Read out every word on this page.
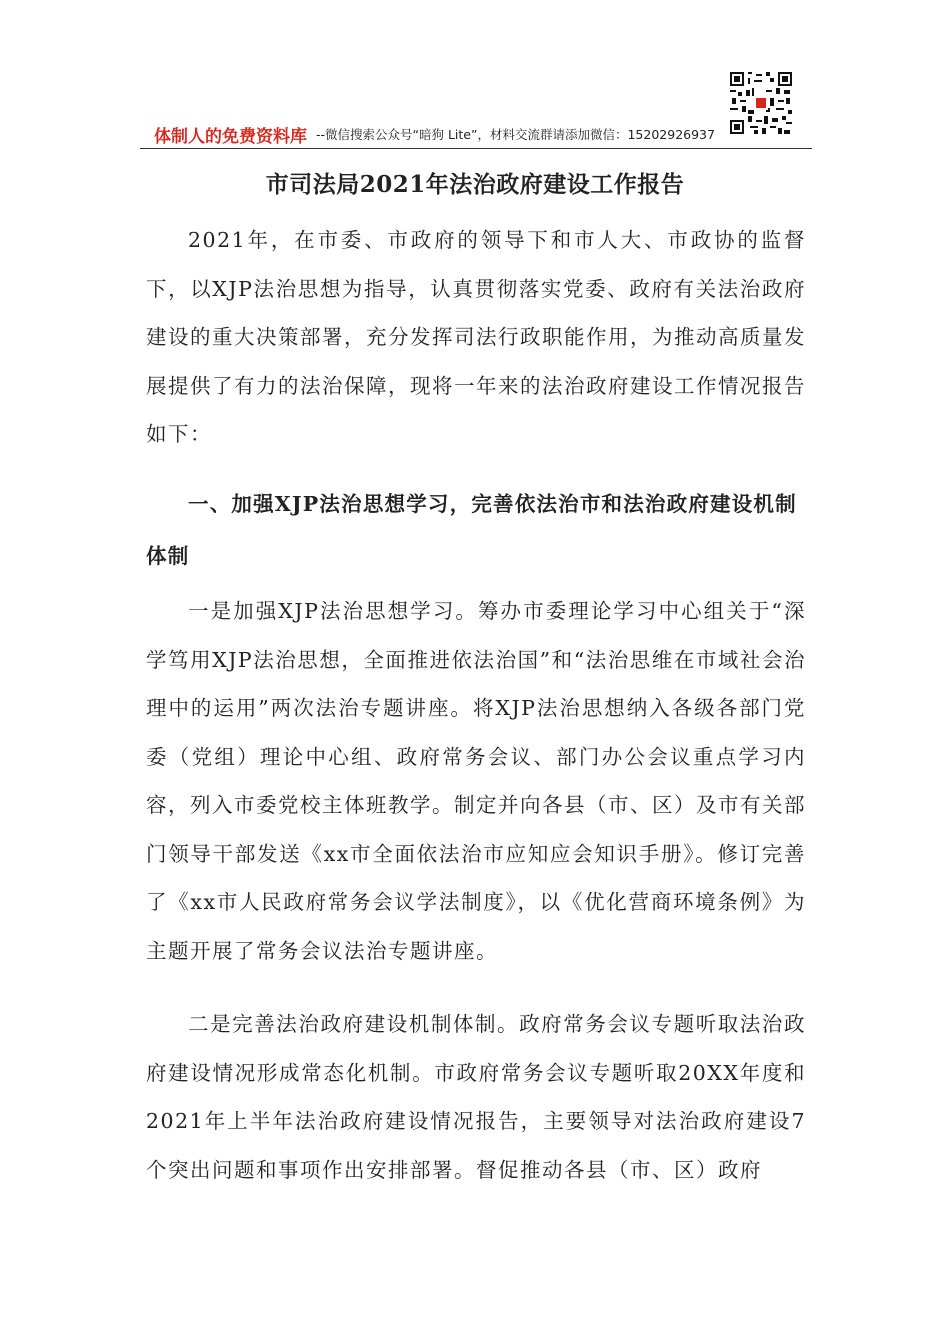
体制人的免费资料库 --微信搜索公众号“暗狗 Lite”，材料交流群请添加微信：15202926937
市司法局2021年法治政府建设工作报告
2021年，在市委、市政府的领导下和市人大、市政协的监督下，以XJP法治思想为指导，认真贯彻落实党委、政府有关法治政府建设的重大决策部署，充分发挥司法行政职能作用，为推动高质量发展提供了有力的法治保障，现将一年来的法治政府建设工作情况报告如下：
一、加强XJP法治思想学习，完善依法治市和法治政府建设机制体制
一是加强XJP法治思想学习。筹办市委理论学习中心组关于“深学笃用XJP法治思想，全面推进依法治国”和“法治思维在市域社会治理中的运用”两次法治专题讲座。将XJP法治思想纳入各级各部门党委（党组）理论中心组、政府常务会议、部门办公会议重点学习内容，列入市委党校主体班教学。制定并向各县（市、区）及市有关部门领导干部发送《xx市全面依法治市应知应会知识手册》。修订完善了《xx市人民政府常务会议学法制度》，以《优化营商环境条例》为主题开展了常务会议法治专题讲座。
二是完善法治政府建设机制体制。政府常务会议专题听取法治政府建设情况形成常态化机制。市政府常务会议专题听取20XX年度和2021年上半年法治政府建设情况报告，主要领导对法治政府建设7个突出问题和事项作出安排部署。督促推动各县（市、区）政府
